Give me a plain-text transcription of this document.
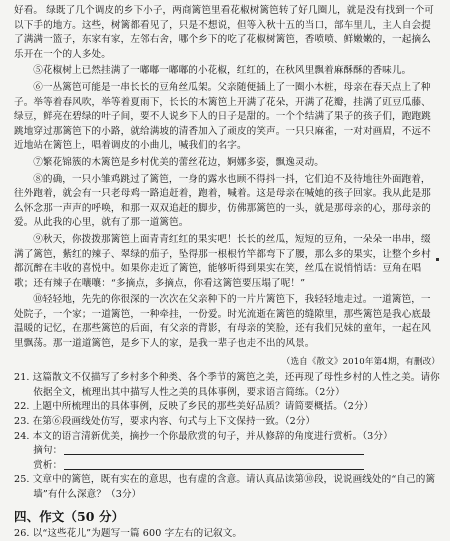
好看。 绿既了几个调皮的乡下小子，两商篱笆里看花椒树篱笆转了好几圈儿，就是没有找到一个可以下手的地方。这些，树篱都看见了，只是不想说，但等入秋十五的当口，部车里儿，主人自会提了满满一篮子，东家有家，左邻右舍，哪个乡下的吃了花椒树篱笆，香喷喷、鲜嫩嫩的，一起摘么乐开在一个的人多处。

⑤花椒树上已然挂满了一嘟嘟一嘟嘟的小花椒，红红的，在秋风里飘着麻酥酥的香味儿。

⑥一丛篱笆可能是一串长长的豆角丝瓜架。父亲随便插上了一圈小木桩，母亲在春天点上了种子。举等着春风吹，举等着夏雨下，长长的木篱笆上开满了花朵，开满了花瓣，挂满了豇豆瓜藤、绿豆，鲜亮在碧绿的叶子间，要不人说乡下人的日子是甜的。一个个结满了果子的孩子们，跑跑跳跳地穿过那篱笆下的小路，就给满坡的清香加入了顽皮的笑声。一只只麻雀，一对对画眉，不远不近地站在篱笆上，唱着调皮的小曲儿，喊我们的名字。

⑦繁花锦簇的木篱笆是乡村优美的蕾丝花边，婀娜多姿，飘逸灵动。

⑧的确，一只小雏鸡跳过了篱笆，一身的露水也顾不得抖一抖，它们迫不及待地往外面跑着，往外跑着，就会有一只老母鸡一路追赶着，跑着，喊着。这是母亲在喊她的孩子回家。我从此是那么怀念那一声声的呼唤，和那一双双追赶的脚步，仿佛那篱笆的一头，就是那母亲的心，那母亲的爱。从此我的心里，就有了那一道篱笆。

⑨秋天，你拨拨那篱笆上面青青红红的果实吧！长长的丝瓜，短短的豆角，一朵朵一串串，缀满了篱笆，紫红的辣子、翠绿的茄子，坠得那一根根竹竿都弯下了腰，那么多的果实，让整个乡村都沉醉在丰收的喜悦中。如果你走近了篱笆，能够听得到果实在笑，丝瓜在说悄悄话：豆角在唱歌；还有辣子在嚷嚷：“多摘点，多摘点，你看这篱笆要压塌了呢！”

⑩轻轻地，先先的你很深的一次次在父亲种下的一片片篱笆下，我轻轻地走过。一道篱笆，一处院子，一个家；一道篱笆，一种牵挂，一份爱。时光流逝在篱笆的缝隙里，那些篱笆是我心底最温暖的记忆，在那些篱笆的后面，有父亲的背影，有母亲的笑脸，还有我们兄妹的童年，一起在风里飘荡。那一道道篱笆，是乡下人的家，是我一辈子也走不出的风景。

（选自《散文》2010年第4期，有删改）

21. 这篇散文不仅描写了乡村多个种类、各个季节的篱笆之美，还再现了母性乡村的人性之美。请你依据全文，梳理出其中描写人性之美的具体事例，要求语言简练。（2分）

22. 上题中所梳理出的具体事例，反映了乡民的那些美好品质？请简要概括。（2分）

23. 在第⑥段画线处仿写，要求内容、句式与上下文保持一致。（2分）

24. 本文的语言清新优美，摘抄一个你最欣赏的句子，并从修辞的角度进行赏析。（3分）

摘句：

赏析：

25. 文章中的篱笆，既有实在的意思，也有虚的含意。请认真品读第⑩段，说说画线处的“自己的篱墙”有什么深意？（3分）

四、作文（50 分）

26. 以“这些花儿”为题写一篇 600 字左右的记叙文。
